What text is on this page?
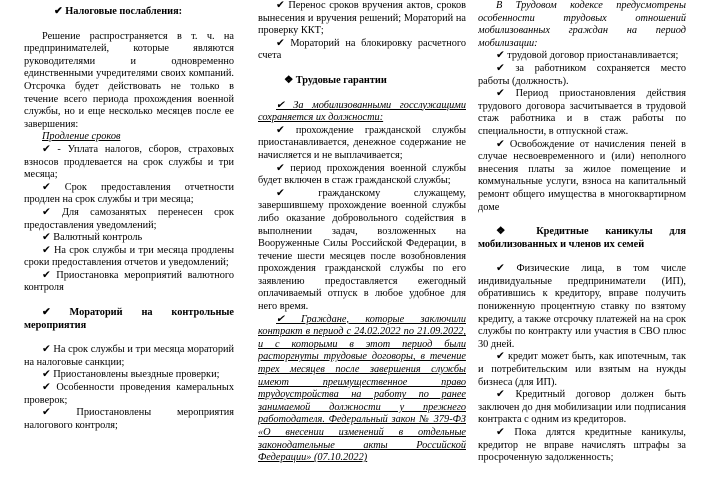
✔ Налоговые послабления:

Решение распространяется в т. ч. на предпринимателей, которые являются руководителями и одновременно единственными учредителями своих компаний. Отсрочка будет действовать не только в течение всего периода прохождения военной службы, но и еще несколько месяцев после ее завершения:

Продление сроков

✔ - Уплата налогов, сборов, страховых взносов продлевается на срок службы и три месяца;

✔ Срок предоставления отчетности продлен на срок службы и три месяца;

✔ Для самозанятых перенесен срок предоставления уведомлений;

✔ Валютный контроль

✔ На срок службы и три месяца продлены сроки предоставления отчетов и уведомлений;

✔ Приостановка мероприятий валютного контроля

✔ Мораторий на контрольные мероприятия

✔ На срок службы и три месяца мораторий на налоговые санкции;

✔ Приостановлены выездные проверки;

✔ Особенности проведения камеральных проверок;

✔ Приостановлены мероприятия налогового контроля;

✔ Перенос сроков вручения актов, сроков вынесения и вручения решений; Мораторий на проверку ККТ;

✔ Мораторий на блокировку расчетного счета

❖ Трудовые гарантии

✔ За мобилизованными госслужащими сохраняется их должности:

✔ прохождение гражданской службы приостанавливается, денежное содержание не начисляется и не выплачивается;

✔ период прохождения военной службы будет включен в стаж гражданской службы;

✔ гражданскому служащему, завершившему прохождение военной службы либо оказание добровольного содействия в выполнении задач, возложенных на Вооруженные Силы Российской Федерации, в течение шести месяцев после возобновления прохождения гражданской службы по его заявлению предоставляется ежегодный оплачиваемый отпуск в любое удобное для него время.

✔ Граждане, которые заключили контракт в период с 24.02.2022 по 21.09.2022, и с которыми в этот период были расторгнуты трудовые договоры, в течение трех месяцев после завершения службы имеют преимущественное право трудоустройства на работу по ранее занимаемой должности у прежнего работодателя. Федеральный закон № 379-ФЗ «О внесении изменений в отдельные законодательные акты Российской Федерации» (07.10.2022)

В Трудовом кодексе предусмотрены особенности трудовых отношений мобилизованных граждан на период мобилизации:

✔ трудовой договор приостанавливается;

✔ за работником сохраняется место работы (должность).

✔ Период приостановления действия трудового договора засчитывается в трудовой стаж работника и в стаж работы по специальности, в отпускной стаж.

✔ Освобождение от начисления пеней в случае несвоевременного и (или) неполного внесения платы за жилое помещение и коммунальные услуги, взноса на капитальный ремонт общего имущества в многоквартирном доме

❖ Кредитные каникулы для мобилизованных и членов их семей

✔ Физические лица, в том числе индивидуальные предприниматели (ИП), обратившись к кредитору, вправе получить пониженную процентную ставку по взятому кредиту, а также отсрочку платежей на на срок службы по контракту или участия в СВО плюс 30 дней.

✔ кредит может быть, как ипотечным, так и потребительским или взятым на нужды бизнеса (для ИП).

✔ Кредитный договор должен быть заключен до дня мобилизации или подписания контракта с одним из кредиторов.

✔ Пока длятся кредитные каникулы, кредитор не вправе начислять штрафы за просроченную задолженность;
